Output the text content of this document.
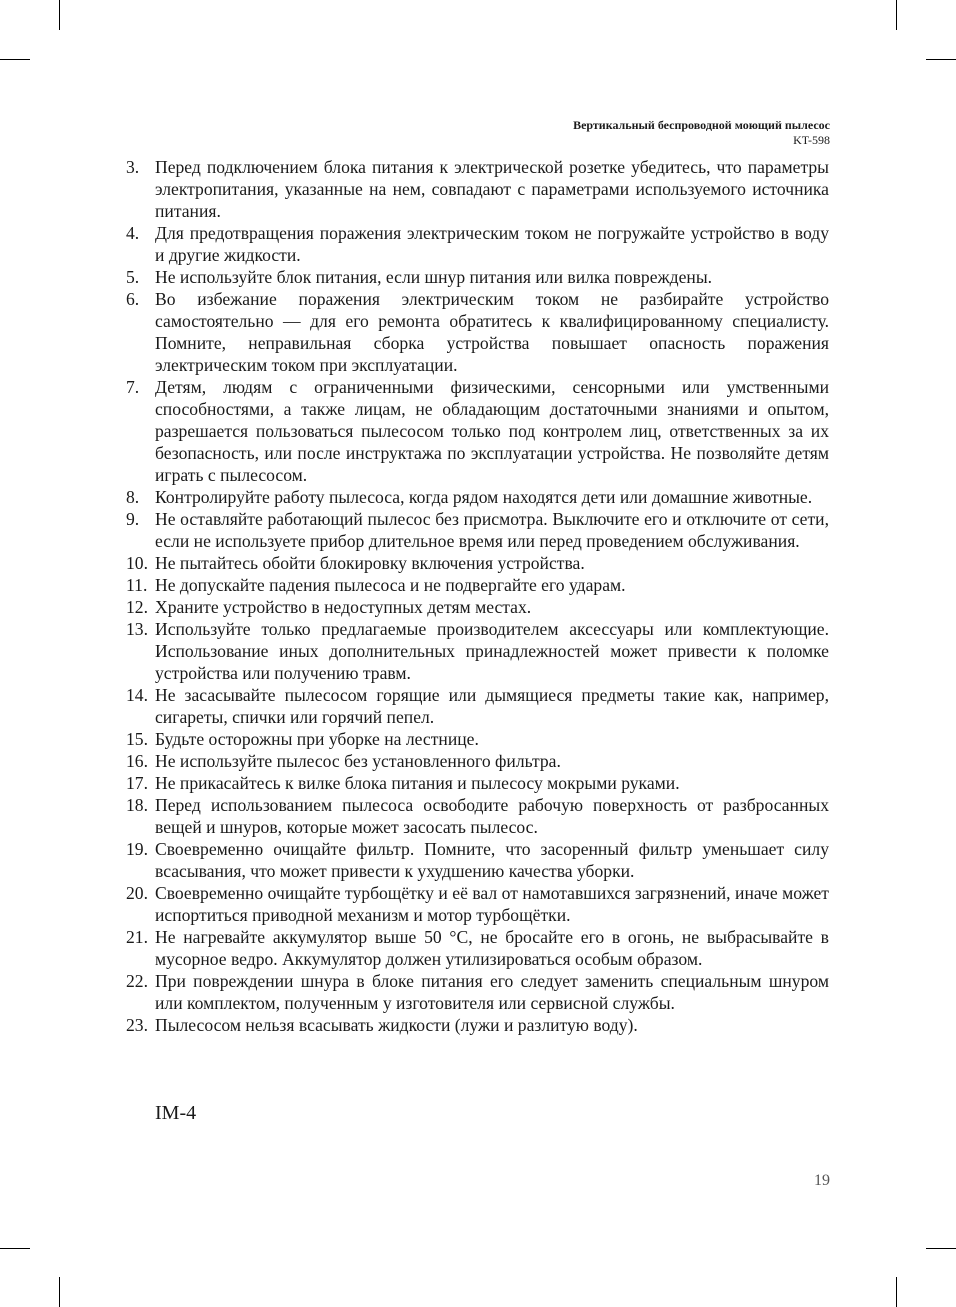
Вертикальный беспроводной моющий пылесос
KT-598
3. Перед подключением блока питания к электрической розетке убедитесь, что параметры электропитания, указанные на нем, совпадают с параметрами используемого источника питания.
4. Для предотвращения поражения электрическим током не погружайте устройство в воду и другие жидкости.
5. Не используйте блок питания, если шнур питания или вилка повреждены.
6. Во избежание поражения электрическим током не разбирайте устройство самостоятельно — для его ремонта обратитесь к квалифицированному специалисту. Помните, неправильная сборка устройства повышает опасность поражения электрическим током при эксплуатации.
7. Детям, людям с ограниченными физическими, сенсорными или умственными способностями, а также лицам, не обладающим достаточными знаниями и опытом, разрешается пользоваться пылесосом только под контролем лиц, ответственных за их безопасность, или после инструктажа по эксплуатации устройства. Не позволяйте детям играть с пылесосом.
8. Контролируйте работу пылесоса, когда рядом находятся дети или домашние животные.
9. Не оставляйте работающий пылесос без присмотра. Выключите его и отключите от сети, если не используете прибор длительное время или перед проведением обслуживания.
10. Не пытайтесь обойти блокировку включения устройства.
11. Не допускайте падения пылесоса и не подвергайте его ударам.
12. Храните устройство в недоступных детям местах.
13. Используйте только предлагаемые производителем аксессуары или комплектующие. Использование иных дополнительных принадлежностей может привести к поломке устройства или получению травм.
14. Не засасывайте пылесосом горящие или дымящиеся предметы такие как, например, сигареты, спички или горячий пепел.
15. Будьте осторожны при уборке на лестнице.
16. Не используйте пылесос без установленного фильтра.
17. Не прикасайтесь к вилке блока питания и пылесосу мокрыми руками.
18. Перед использованием пылесоса освободите рабочую поверхность от разбросанных вещей и шнуров, которые может засосать пылесос.
19. Своевременно очищайте фильтр. Помните, что засоренный фильтр уменьшает силу всасывания, что может привести к ухудшению качества уборки.
20. Своевременно очищайте турбощётку и её вал от намотавшихся загрязнений, иначе может испортиться приводной механизм и мотор турбощётки.
21. Не нагревайте аккумулятор выше 50 °C, не бросайте его в огонь, не выбрасывайте в мусорное ведро. Аккумулятор должен утилизироваться особым образом.
22. При повреждении шнура в блоке питания его следует заменить специальным шнуром или комплектом, полученным у изготовителя или сервисной службы.
23. Пылесосом нельзя всасывать жидкости (лужи и разлитую воду).
IM-4
19
